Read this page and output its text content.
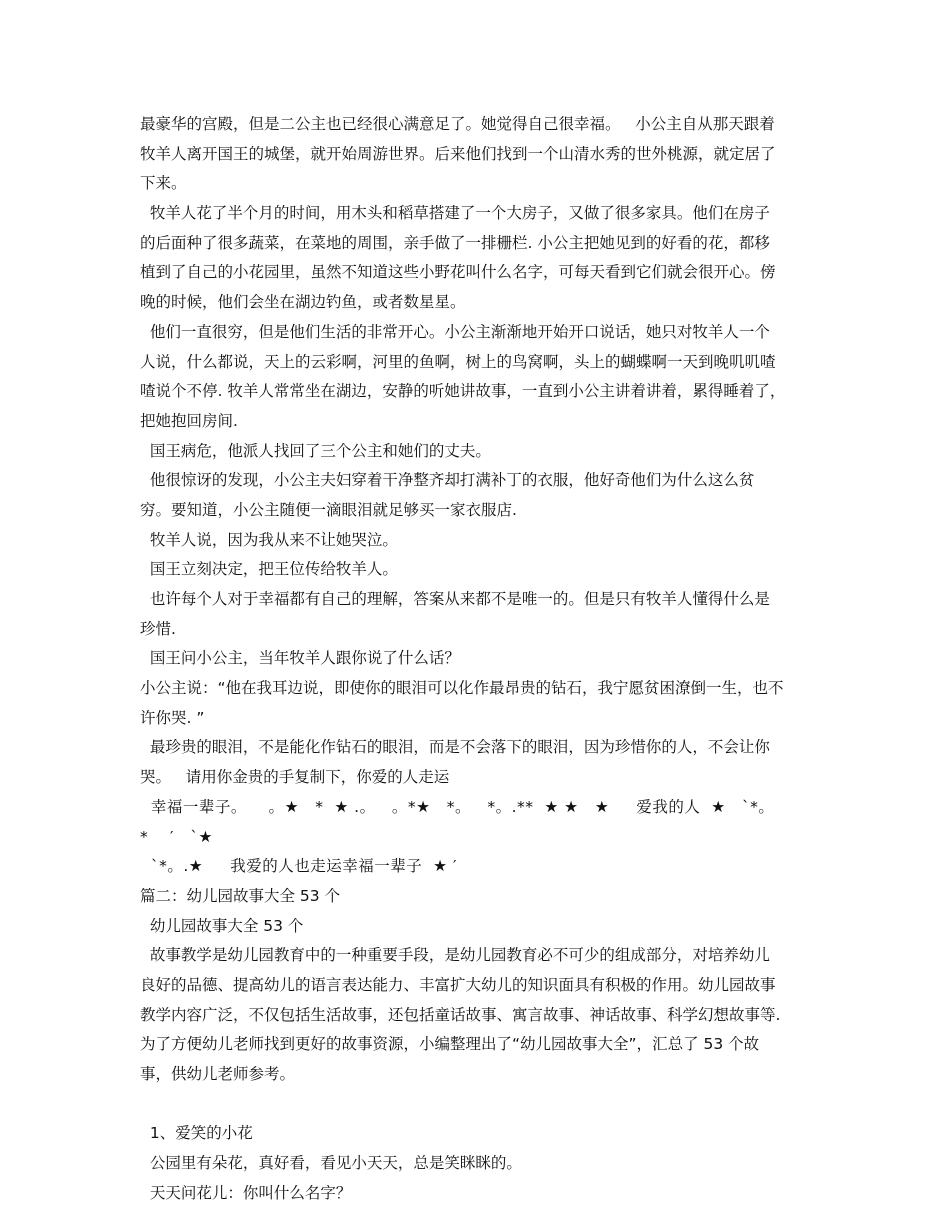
最豪华的宫殿，但是二公主也已经很心满意足了。她觉得自己很幸福。   小公主自从那天跟着
牧羊人离开国王的城堡，就开始周游世界。后来他们找到一个山清水秀的世外桃源，就定居了
下来。
牧羊人花了半个月的时间，用木头和稻草搭建了一个大房子，又做了很多家具。他们在房子
的后面种了很多蔬菜，在菜地的周围，亲手做了一排栅栏. 小公主把她见到的好看的花，都移
植到了自己的小花园里，虽然不知道这些小野花叫什么名字，可每天看到它们就会很开心。傍
晚的时候，他们会坐在湖边钓鱼，或者数星星。
他们一直很穷，但是他们生活的非常开心。小公主渐渐地开始开口说话，她只对牧羊人一个
人说，什么都说，天上的云彩啊，河里的鱼啊，树上的鸟窝啊，头上的蝴蝶啊一天到晚叽叽喳
喳说个不停. 牧羊人常常坐在湖边，安静的听她讲故事，一直到小公主讲着讲着，累得睡着了，
把她抱回房间.
国王病危，他派人找回了三个公主和她们的丈夫。
他很惊讶的发现，小公主夫妇穿着干净整齐却打满补丁的衣服，他好奇他们为什么这么贫
穷。要知道，小公主随便一滴眼泪就足够买一家衣服店.
牧羊人说，因为我从来不让她哭泣。
国王立刻决定，把王位传给牧羊人。
也许每个人对于幸福都有自己的理解，答案从来都不是唯一的。但是只有牧羊人懂得什么是
珍惜.
国王问小公主，当年牧羊人跟你说了什么话？
小公主说：“他在我耳边说，即使你的眼泪可以化作最昂贵的钻石，我宁愿贫困潦倒一生，也不
许你哭. ”
最珍贵的眼泪，不是能化作钻石的眼泪，而是不会落下的眼泪，因为珍惜你的人，不会让你
哭。   请用你金贵的手复制下，你爱的人走运
幸福一辈子。    。★   *  ★ .。   。*★   *。   *。.**  ★ ★   ★     爱我的人  ★   ˋ*。
*    ′   ˋ★
ˋ*。.★     我爱的人也走运幸福一辈子  ★ ′
篇二：幼儿园故事大全 53 个
幼儿园故事大全 53 个
故事教学是幼儿园教育中的一种重要手段，是幼儿园教育必不可少的组成部分，对培养幼儿
良好的品德、提高幼儿的语言表达能力、丰富扩大幼儿的知识面具有积极的作用。幼儿园故事
教学内容广泛，不仅包括生活故事，还包括童话故事、寓言故事、神话故事、科学幻想故事等.
为了方便幼儿老师找到更好的故事资源，小编整理出了“幼儿园故事大全”，汇总了 53 个故
事，供幼儿老师参考。
1、爱笑的小花
公园里有朵花，真好看，看见小天天，总是笑眯眯的。
天天问花儿：你叫什么名字？
